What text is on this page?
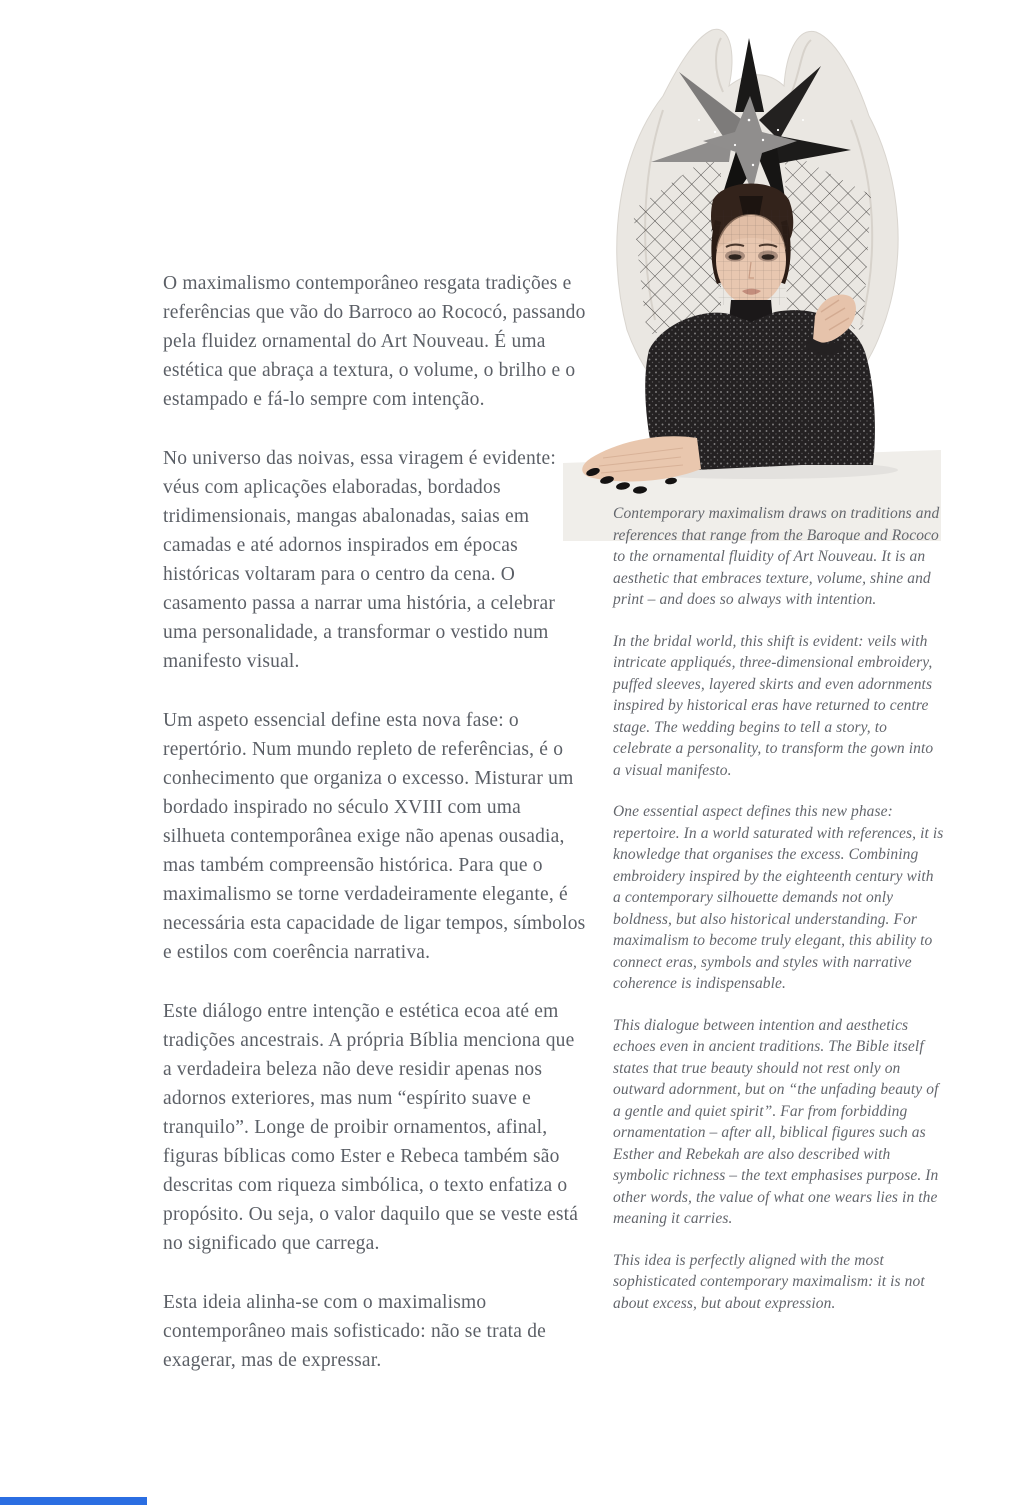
O maximalismo contemporâneo resgata tradições e referências que vão do Barroco ao Rococó, passando pela fluidez ornamental do Art Nouveau. É uma estética que abraça a textura, o volume, o brilho e o estampado e fá-lo sempre com intenção.

No universo das noivas, essa viragem é evidente: véus com aplicações elaboradas, bordados tridimensionais, mangas abalonadas, saias em camadas e até adornos inspirados em épocas históricas voltaram para o centro da cena. O casamento passa a narrar uma história, a celebrar uma personalidade, a transformar o vestido num manifesto visual.

Um aspeto essencial define esta nova fase: o repertório. Num mundo repleto de referências, é o conhecimento que organiza o excesso. Misturar um bordado inspirado no século XVIII com uma silhueta contemporânea exige não apenas ousadia, mas também compreensão histórica. Para que o maximalismo se torne verdadeiramente elegante, é necessária esta capacidade de ligar tempos, símbolos e estilos com coerência narrativa.

Este diálogo entre intenção e estética ecoa até em tradições ancestrais. A própria Bíblia menciona que a verdadeira beleza não deve residir apenas nos adornos exteriores, mas num “espírito suave e tranquilo”. Longe de proibir ornamentos, afinal, figuras bíblicas como Ester e Rebeca também são descritas com riqueza simbólica, o texto enfatiza o propósito. Ou seja, o valor daquilo que se veste está no significado que carrega.

Esta ideia alinha-se com o maximalismo contemporâneo mais sofisticado: não se trata de exagerar, mas de expressar.

Contemporary maximalism draws on traditions and references that range from the Baroque and Rococo to the ornamental fluidity of Art Nouveau. It is an aesthetic that embraces texture, volume, shine and print – and does so always with intention.

In the bridal world, this shift is evident: veils with intricate appliqués, three-dimensional embroidery, puffed sleeves, layered skirts and even adornments inspired by historical eras have returned to centre stage. The wedding begins to tell a story, to celebrate a personality, to transform the gown into a visual manifesto.

One essential aspect defines this new phase: repertoire. In a world saturated with references, it is knowledge that organises the excess. Combining embroidery inspired by the eighteenth century with a contemporary silhouette demands not only boldness, but also historical understanding. For maximalism to become truly elegant, this ability to connect eras, symbols and styles with narrative coherence is indispensable.

This dialogue between intention and aesthetics echoes even in ancient traditions. The Bible itself states that true beauty should not rest only on outward adornment, but on “the unfading beauty of a gentle and quiet spirit”. Far from forbidding ornamentation – after all, biblical figures such as Esther and Rebekah are also described with symbolic richness – the text emphasises purpose. In other words, the value of what one wears lies in the meaning it carries.

This idea is perfectly aligned with the most sophisticated contemporary maximalism: it is not about excess, but about expression.
